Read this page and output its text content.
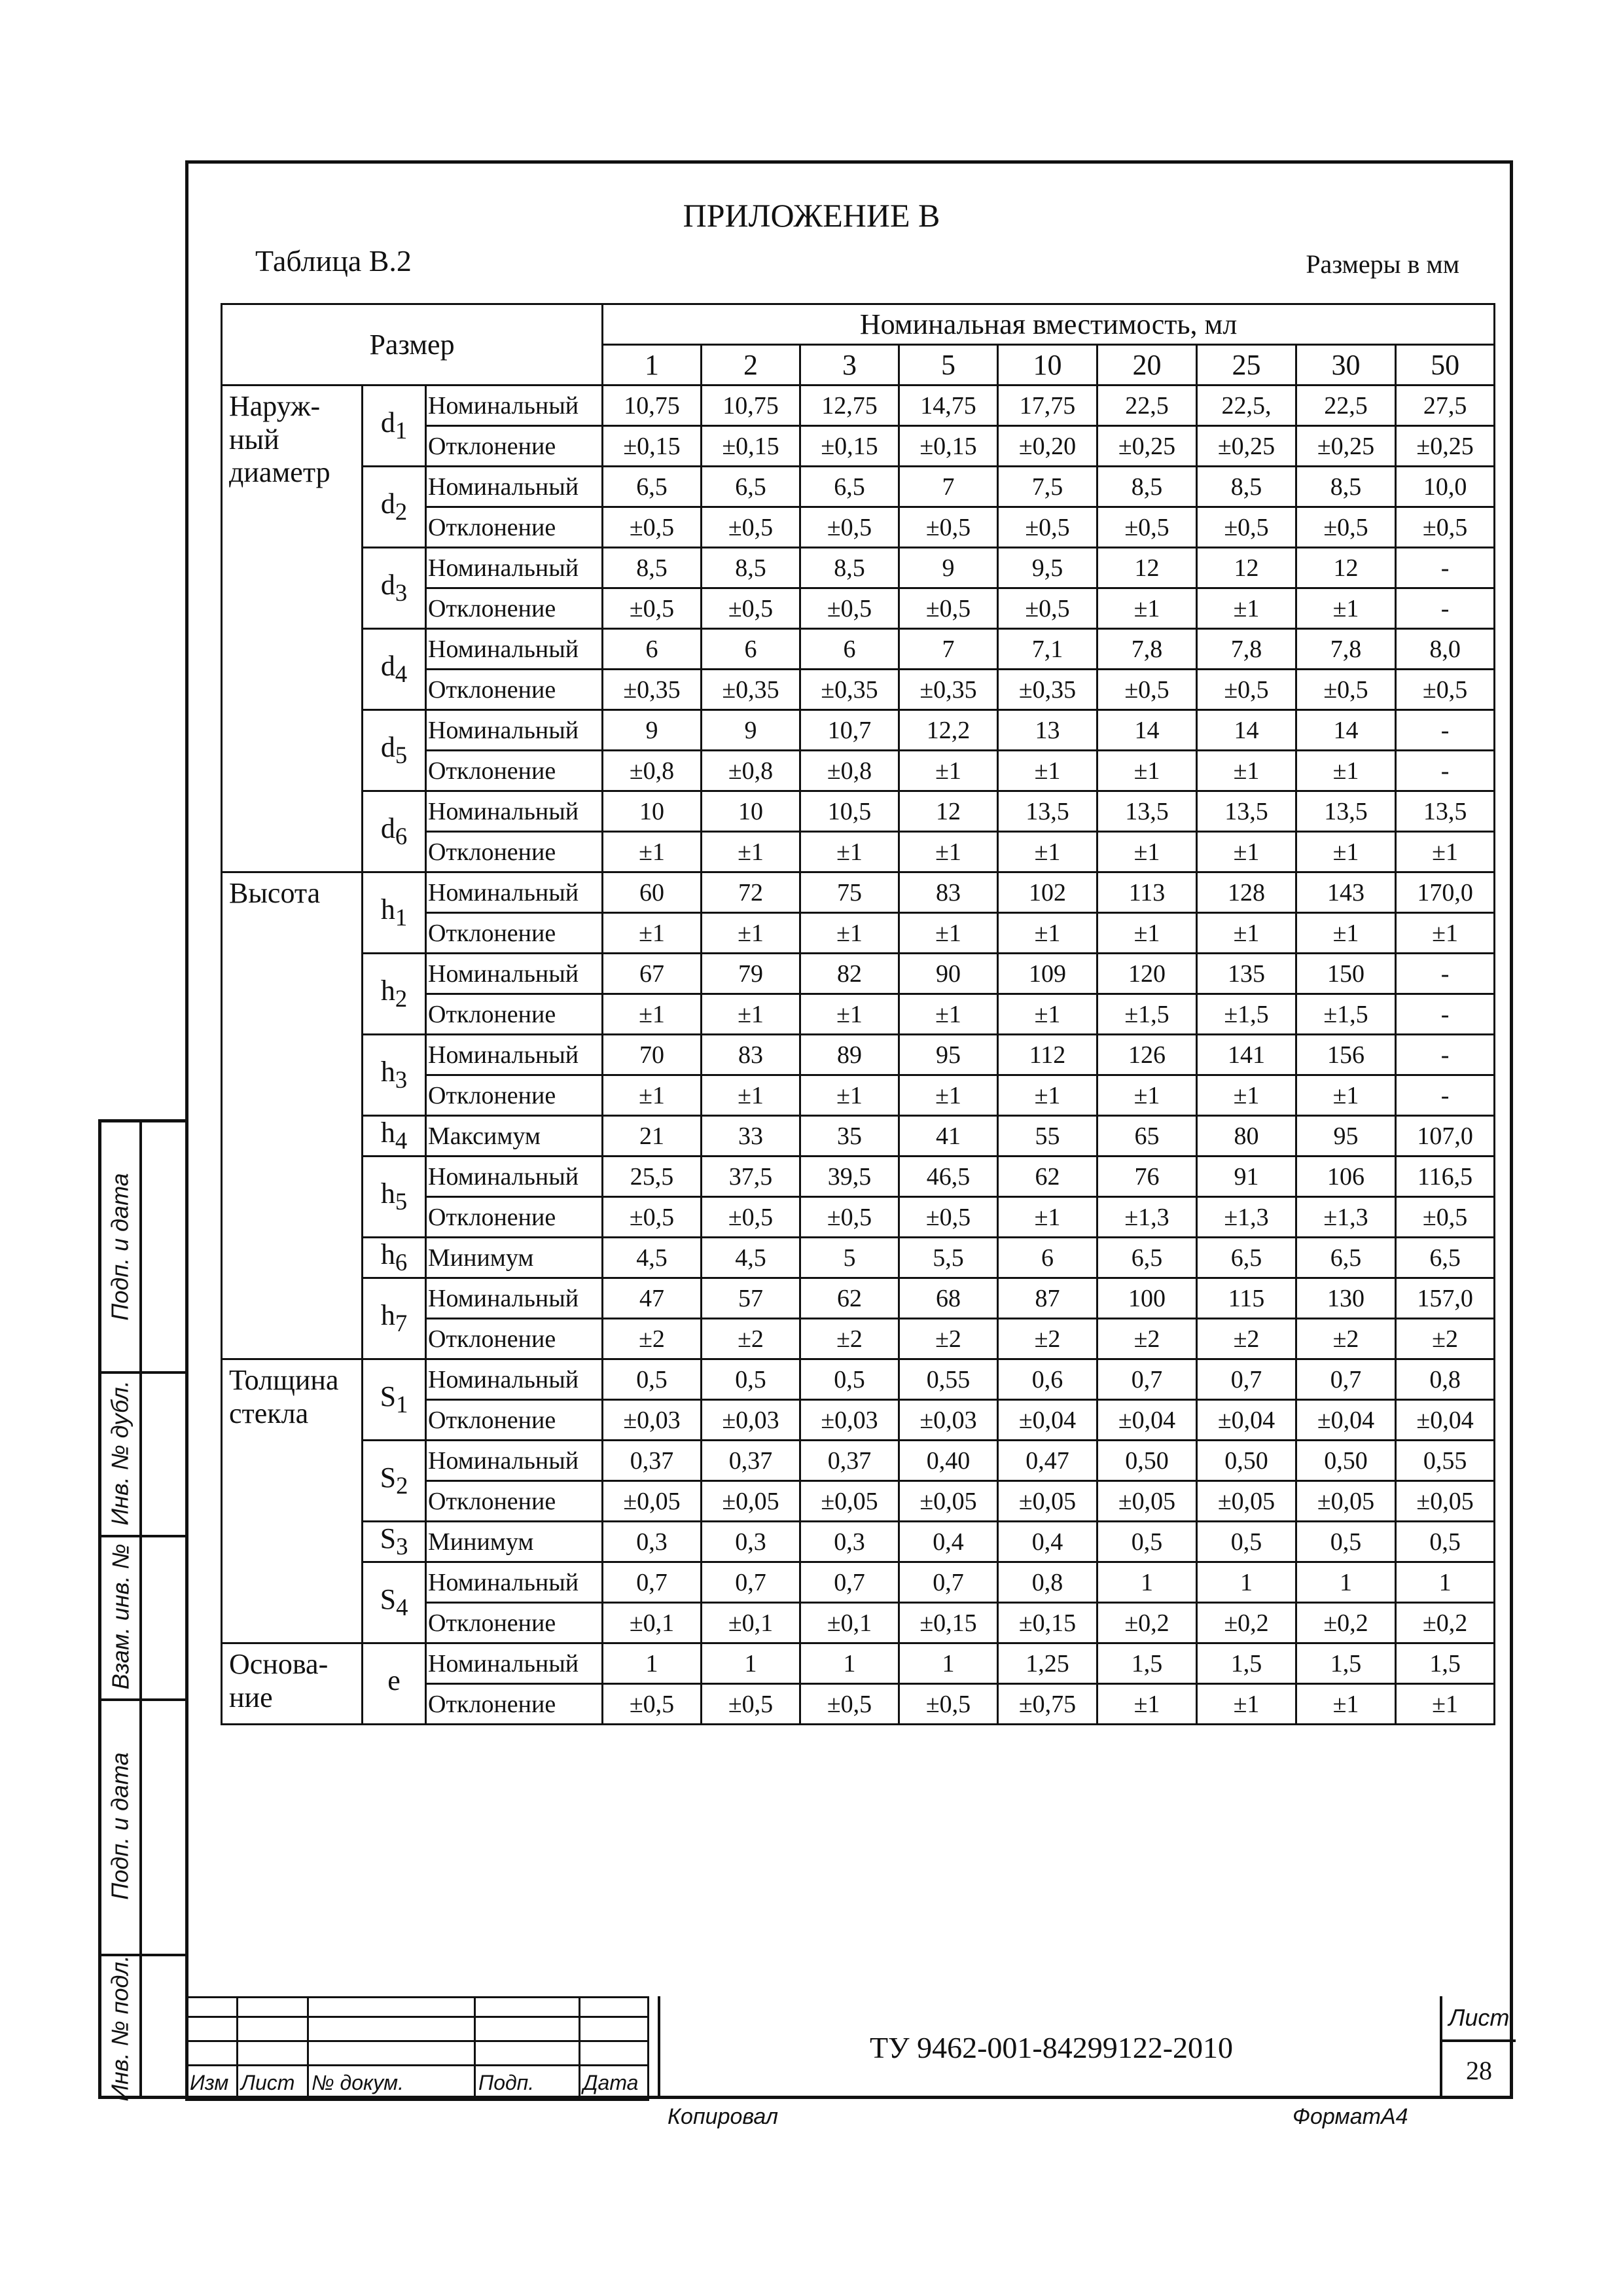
Подп. и дата
Инв. № дубл.
Взам. инв. №
Подп. и дата
Инв. № подл.
ПРИЛОЖЕНИЕ В
Таблица В.2	Размеры в мм
Размер			Номинальная вместимость, мл								
			1	2	3	5	10	20	25	30	50
Наруж-
ный
диаметр	$d_1$	Номинальный	10,75	10,75	12,75	14,75	17,75	22,5	22,5,	22,5	27,5
		Отклонение	±0,15	±0,15	±0,15	±0,15	±0,20	±0,25	±0,25	±0,25	±0,25
	$d_2$	Номинальный	6,5	6,5	6,5	7	7,5	8,5	8,5	8,5	10,0
		Отклонение	±0,5	±0,5	±0,5	±0,5	±0,5	±0,5	±0,5	±0,5	±0,5
	$d_3$	Номинальный	8,5	8,5	8,5	9	9,5	12	12	12	-
		Отклонение	±0,5	±0,5	±0,5	±0,5	±0,5	±1	±1	±1	-
	$d_4$	Номинальный	6	6	6	7	7,1	7,8	7,8	7,8	8,0
		Отклонение	±0,35	±0,35	±0,35	±0,35	±0,35	±0,5	±0,5	±0,5	±0,5
	$d_5$	Номинальный	9	9	10,7	12,2	13	14	14	14	-
		Отклонение	±0,8	±0,8	±0,8	±1	±1	±1	±1	±1	-
	$d_6$	Номинальный	10	10	10,5	12	13,5	13,5	13,5	13,5	13,5
		Отклонение	±1	±1	±1	±1	±1	±1	±1	±1	±1
Высота	$h_1$	Номинальный	60	72	75	83	102	113	128	143	170,0
		Отклонение	±1	±1	±1	±1	±1	±1	±1	±1	±1
	$h_2$	Номинальный	67	79	82	90	109	120	135	150	-
		Отклонение	±1	±1	±1	±1	±1	±1,5	±1,5	±1,5	-
	$h_3$	Номинальный	70	83	89	95	112	126	141	156	-
		Отклонение	±1	±1	±1	±1	±1	±1	±1	±1	-
	$h_4$	Максимум	21	33	35	41	55	65	80	95	107,0
	$h_5$	Номинальный	25,5	37,5	39,5	46,5	62	76	91	106	116,5
		Отклонение	±0,5	±0,5	±0,5	±0,5	±1	±1,3	±1,3	±1,3	±0,5
	$h_6$	Минимум	4,5	4,5	5	5,5	6	6,5	6,5	6,5	6,5
	$h_7$	Номинальный	47	57	62	68	87	100	115	130	157,0
		Отклонение	±2	±2	±2	±2	±2	±2	±2	±2	±2
Толщина
стекла	$S_1$	Номинальный	0,5	0,5	0,5	0,55	0,6	0,7	0,7	0,7	0,8
		Отклонение	±0,03	±0,03	±0,03	±0,03	±0,04	±0,04	±0,04	±0,04	±0,04
	$S_2$	Номинальный	0,37	0,37	0,37	0,40	0,47	0,50	0,50	0,50	0,55
		Отклонение	±0,05	±0,05	±0,05	±0,05	±0,05	±0,05	±0,05	±0,05	±0,05
	$S_3$	Минимум	0,3	0,3	0,3	0,4	0,4	0,5	0,5	0,5	0,5
	$S_4$	Номинальный	0,7	0,7	0,7	0,7	0,8	1	1	1	1
		Отклонение	±0,1	±0,1	±0,1	±0,15	±0,15	±0,2	±0,2	±0,2	±0,2
Основа-
ние	e	Номинальный	1	1	1	1	1,25	1,5	1,5	1,5	1,5
		Отклонение	±0,5	±0,5	±0,5	±0,5	±0,75	±1	±1	±1	±1

Изм	Лист	№ докум.	Подп.	Дата
ТУ 9462-001-84299122-2010
Лист
28
Копировал	ФорматА4
